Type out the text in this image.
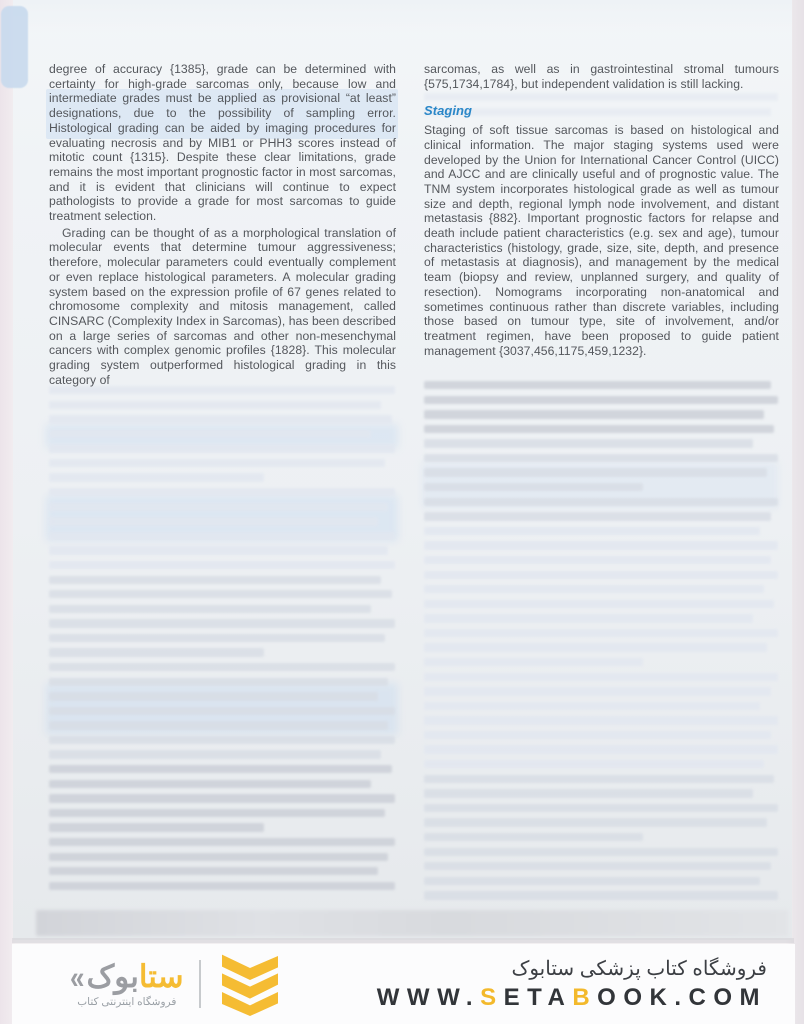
degree of accuracy {1385}, grade can be determined with certainty for high-grade sarcomas only, because low and intermediate grades must be applied as provisional “at least” designations, due to the possibility of sampling error. Histological grading can be aided by imaging procedures for evaluating necrosis and by MIB1 or PHH3 scores instead of mitotic count {1315}. Despite these clear limitations, grade remains the most important prognostic factor in most sarcomas, and it is evident that clinicians will continue to expect pathologists to provide a grade for most sarcomas to guide treatment selection.

Grading can be thought of as a morphological translation of molecular events that determine tumour aggressiveness; therefore, molecular parameters could eventually complement or even replace histological parameters. A molecular grading system based on the expression profile of 67 genes related to chromosome complexity and mitosis management, called CINSARC (Complexity Index in Sarcomas), has been described on a large series of sarcomas and other non-mesenchymal cancers with complex genomic profiles {1828}. This molecular grading system outperformed histological grading in this category of

sarcomas, as well as in gastrointestinal stromal tumours {575,1734,1784}, but independent validation is still lacking.

Staging

Staging of soft tissue sarcomas is based on histological and clinical information. The major staging systems used were developed by the Union for International Cancer Control (UICC) and AJCC and are clinically useful and of prognostic value. The TNM system incorporates histological grade as well as tumour size and depth, regional lymph node involvement, and distant metastasis {882}. Important prognostic factors for relapse and death include patient characteristics (e.g. sex and age), tumour characteristics (histology, grade, size, site, depth, and presence of metastasis at diagnosis), and management by the medical team (biopsy and review, unplanned surgery, and quality of resection). Nomograms incorporating non-anatomical and sometimes continuous rather than discrete variables, including those based on tumour type, site of involvement, and/or treatment regimen, have been proposed to guide patient management {3037,456,1175,459,1232}.

« بوک ستا
فروشگاه اینترنتی کتاب
فروشگاه کتاب پزشکی ستابوک
WWW.SETABOOK.COM
